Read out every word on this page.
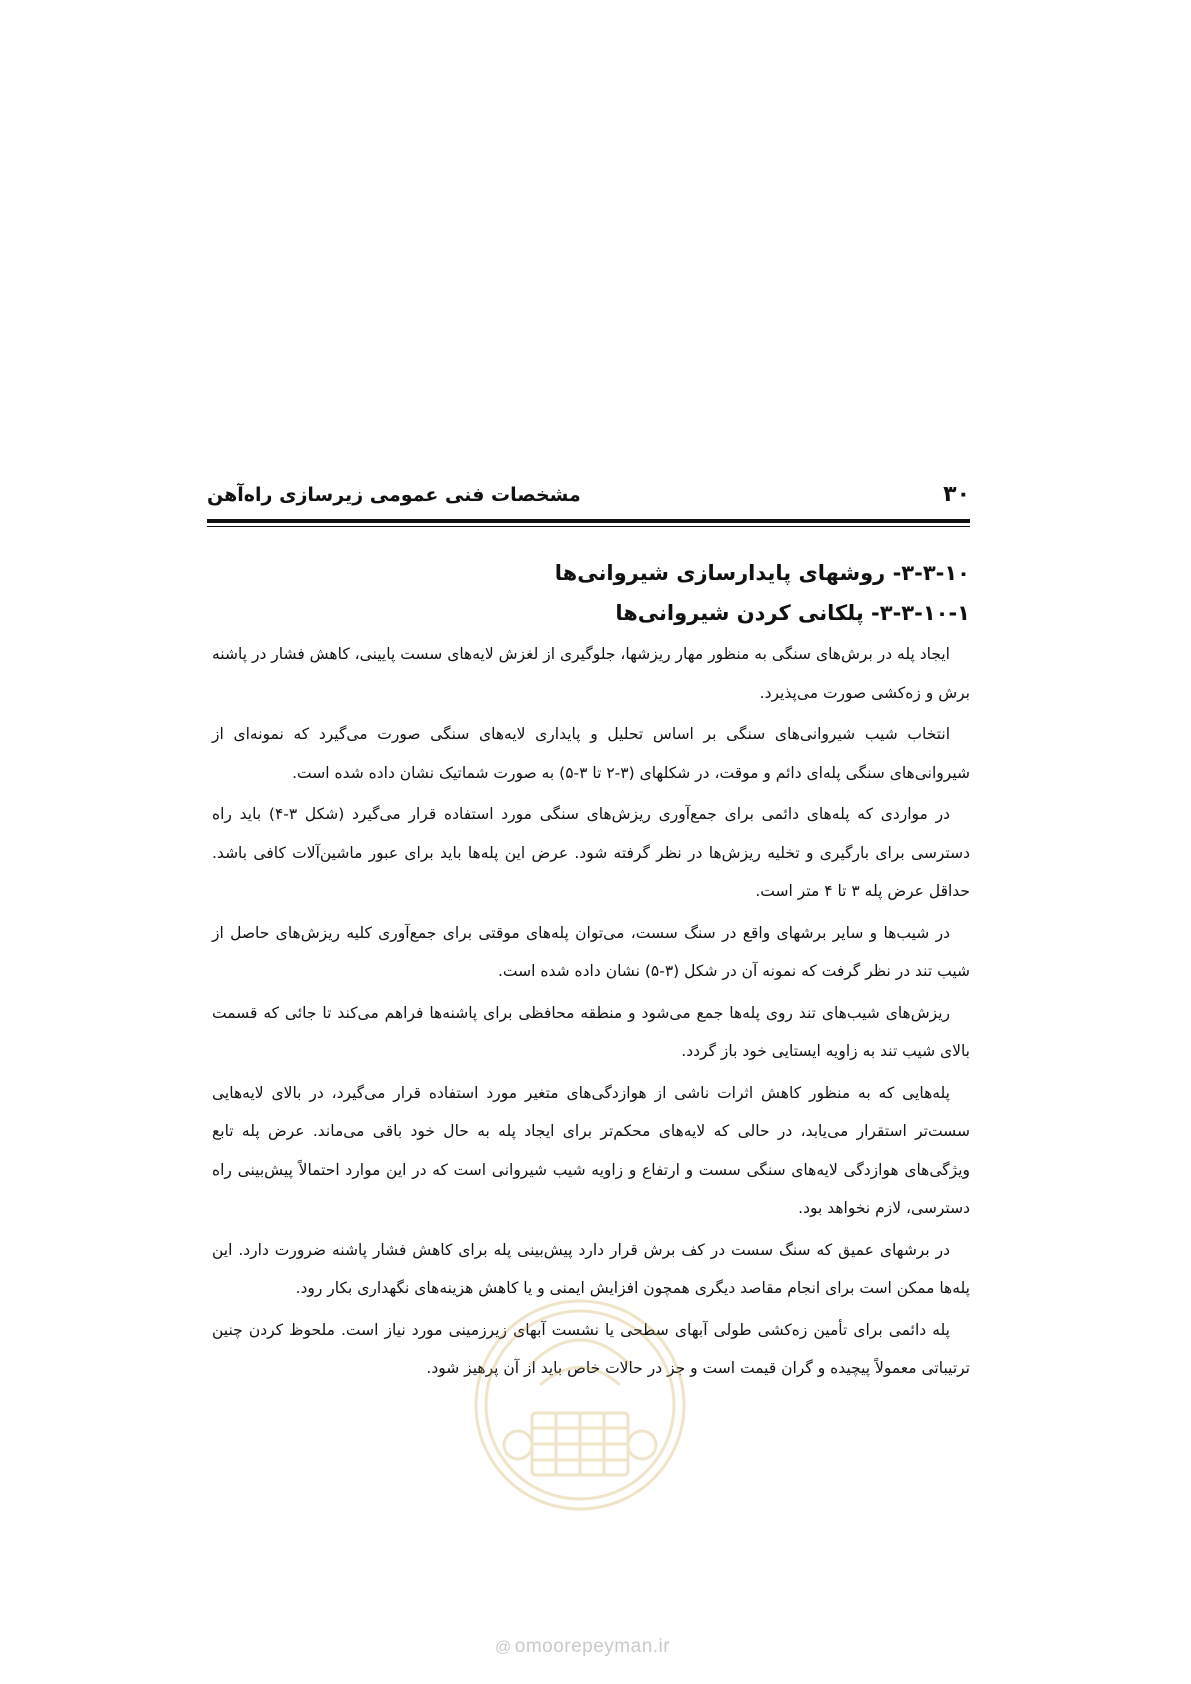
۳۰
مشخصات فنی عمومی زیرسازی راه‌آهن

۳-۳-۱۰- روشهای پایدارسازی شیروانی‌ها

۳-۳-۱۰-۱- پلکانی کردن شیروانی‌ها

ایجاد پله در برش‌های سنگی به منظور مهار ریزشها، جلوگیری از لغزش لایه‌های سست پایینی، کاهش فشار در پاشنه برش و زه‌کشی صورت می‌پذیرد.

انتخاب شیب شیروانی‌های سنگی بر اساس تحلیل و پایداری لایه‌های سنگی صورت می‌گیرد که نمونه‌ای از شیروانی‌های سنگی پله‌ای دائم و موقت، در شکلهای (۳-۲ تا ۳-۵) به صورت شماتیک نشان داده شده است.

در مواردی که پله‌های دائمی برای جمع‌آوری ریزش‌های سنگی مورد استفاده قرار می‌گیرد (شکل ۳-۴) باید راه دسترسی برای بارگیری و تخلیه ریزش‌ها در نظر گرفته شود. عرض این پله‌ها باید برای عبور ماشین‌آلات کافی باشد. حداقل عرض پله ۳ تا ۴ متر است.

در شیب‌ها و سایر برشهای واقع در سنگ سست، می‌توان پله‌های موقتی برای جمع‌آوری کلیه ریزش‌های حاصل از شیب تند در نظر گرفت که نمونه آن در شکل (۳-۵) نشان داده شده است.

ریزش‌های شیب‌های تند روی پله‌ها جمع می‌شود و منطقه محافظی برای پاشنه‌ها فراهم می‌کند تا جائی که قسمت بالای شیب تند به زاویه ایستایی خود باز گردد.

پله‌هایی که به منظور کاهش اثرات ناشی از هوازدگی‌های متغیر مورد استفاده قرار می‌گیرد، در بالای لایه‌هایی سست‌تر استقرار می‌یابد، در حالی که لایه‌های محکم‌تر برای ایجاد پله به حال خود باقی می‌ماند. عرض پله تابع ویژگی‌های هوازدگی لایه‌های سنگی سست و ارتفاع و زاویه شیب شیروانی است که در این موارد احتمالاً پیش‌بینی راه دسترسی، لازم نخواهد بود.

در برشهای عمیق که سنگ سست در کف برش قرار دارد پیش‌بینی پله برای کاهش فشار پاشنه ضرورت دارد. این پله‌ها ممکن است برای انجام مقاصد دیگری همچون افزایش ایمنی و یا کاهش هزینه‌های نگهداری بکار رود.

پله دائمی برای تأمین زه‌کشی طولی آبهای سطحی یا نشست آبهای زیرزمینی مورد نیاز است. ملحوظ کردن چنین ترتیباتی معمولاً پیچیده و گران قیمت است و جز در حالات خاص باید از آن پرهیز شود.

@ omoorepeyman.ir
